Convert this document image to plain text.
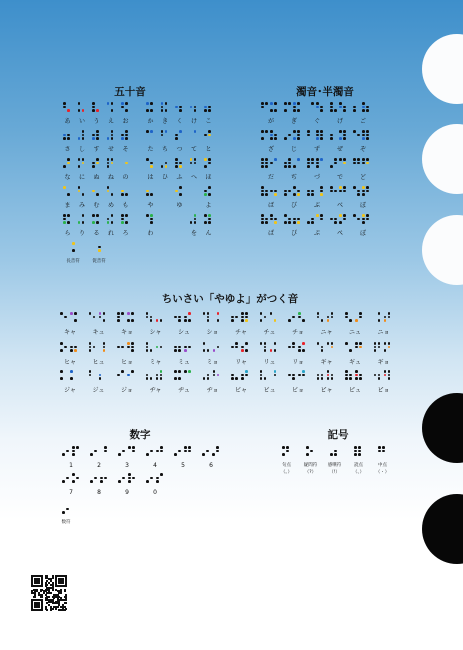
五十音	濁音･半濁音
ちいさい「やゆよ」がつく音
数字	記号
あ	い	う	え	お
さ	し	す	せ	そ
な	に	ぬ	ね	の
ま	み	む	め	も
ら	り	る	れ	ろ
か	き	く	け	こ
た	ち	つ	て	と
は	ひ	ふ	へ	ほ
や	ゆ	よ
わ	を	ん
長音符	促音符
が	ぎ	ぐ	げ	ご
ざ	じ	ず	ぜ	ぞ
だ	ぢ	づ	で	ど
ば	び	ぶ	べ	ぼ
ぱ	ぴ	ぷ	ぺ	ぽ
キャ	キュ	キョ	シャ	シュ	ショ	チャ	チュ	チョ	ニャ	ニュ	ニョ
ヒャ	ヒュ	ヒョ	ミャ	ミュ	ミョ	リャ	リュ	リョ	ギャ	ギュ	ギョ
ジャ	ジュ	ジョ	ヂャ	ヂュ	ヂョ	ビャ	ビュ	ビョ	ピャ	ピュ	ピョ
1	2	3	4	5	6
7	8	9	0
数符
句点
（。）
疑問符
（?）
感嘆符
（!）
読点
（、）
中点
（・）
